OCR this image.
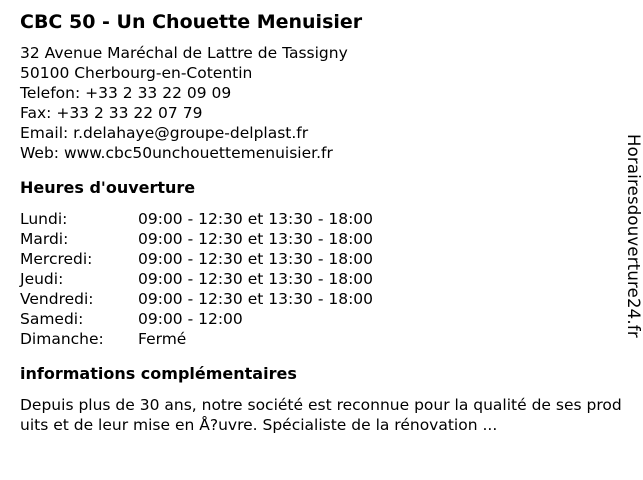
CBC 50 - Un Chouette Menuisier
32 Avenue Maréchal de Lattre de Tassigny
50100 Cherbourg-en-Cotentin
Telefon: +33 2 33 22 09 09
Fax: +33 2 33 22 07 79
Email: r.delahaye@groupe-delplast.fr
Web: www.cbc50unchouettemenuisier.fr
Heures d'ouverture
Lundi:	09:00 - 12:30 et 13:30 - 18:00
Mardi:	09:00 - 12:30 et 13:30 - 18:00
Mercredi:	09:00 - 12:30 et 13:30 - 18:00
Jeudi:	09:00 - 12:30 et 13:30 - 18:00
Vendredi:	09:00 - 12:30 et 13:30 - 18:00
Samedi:	09:00 - 12:00
Dimanche:	Fermé
informations complémentaires
Depuis plus de 30 ans, notre société est reconnue pour la qualité de ses produits et de leur mise en Å?uvre. Spécialiste de la rénovation ...
Horairesdouverture24.fr
